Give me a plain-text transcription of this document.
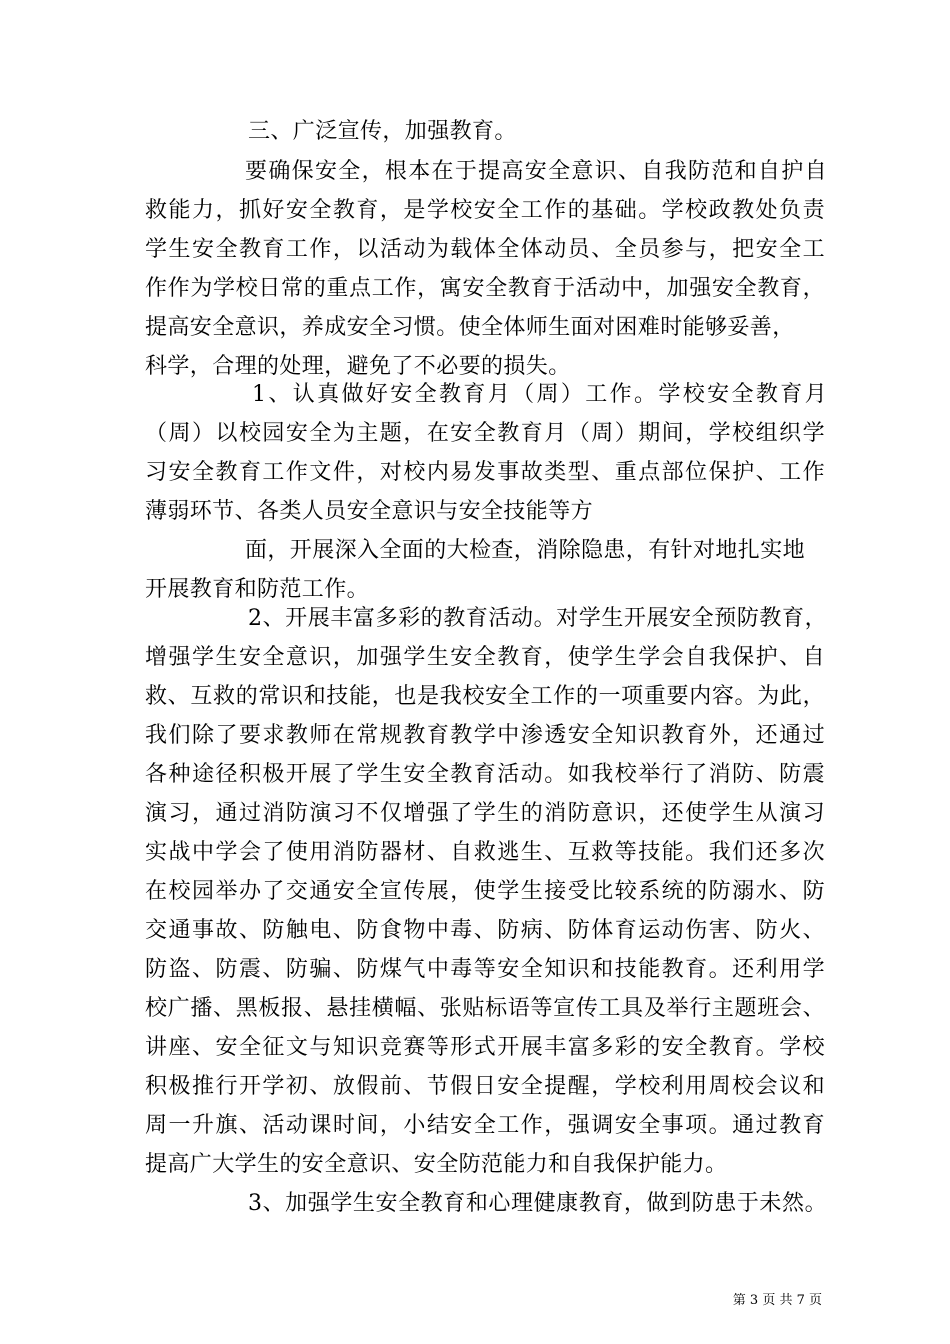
三、广泛宣传，加强教育。
要确保安全，根本在于提高安全意识、自我防范和自护自
救能力，抓好安全教育，是学校安全工作的基础。学校政教处负责
学生安全教育工作，以活动为载体全体动员、全员参与，把安全工
作作为学校日常的重点工作，寓安全教育于活动中，加强安全教育，
提高安全意识，养成安全习惯。使全体师生面对困难时能够妥善，
科学，合理的处理，避免了不必要的损失。
1、认真做好安全教育月（周）工作。学校安全教育月
（周）以校园安全为主题，在安全教育月（周）期间，学校组织学
习安全教育工作文件，对校内易发事故类型、重点部位保护、工作
薄弱环节、各类人员安全意识与安全技能等方
面，开展深入全面的大检查，消除隐患，有针对地扎实地
开展教育和防范工作。
2、开展丰富多彩的教育活动。对学生开展安全预防教育，
增强学生安全意识，加强学生安全教育，使学生学会自我保护、自
救、互救的常识和技能，也是我校安全工作的一项重要内容。为此，
我们除了要求教师在常规教育教学中渗透安全知识教育外，还通过
各种途径积极开展了学生安全教育活动。如我校举行了消防、防震
演习，通过消防演习不仅增强了学生的消防意识，还使学生从演习
实战中学会了使用消防器材、自救逃生、互救等技能。我们还多次
在校园举办了交通安全宣传展，使学生接受比较系统的防溺水、防
交通事故、防触电、防食物中毒、防病、防体育运动伤害、防火、
防盗、防震、防骗、防煤气中毒等安全知识和技能教育。还利用学
校广播、黑板报、悬挂横幅、张贴标语等宣传工具及举行主题班会、
讲座、安全征文与知识竞赛等形式开展丰富多彩的安全教育。学校
积极推行开学初、放假前、节假日安全提醒，学校利用周校会议和
周一升旗、活动课时间，小结安全工作，强调安全事项。通过教育
提高广大学生的安全意识、安全防范能力和自我保护能力。
3、加强学生安全教育和心理健康教育，做到防患于未然。
第 3 页 共 7 页
